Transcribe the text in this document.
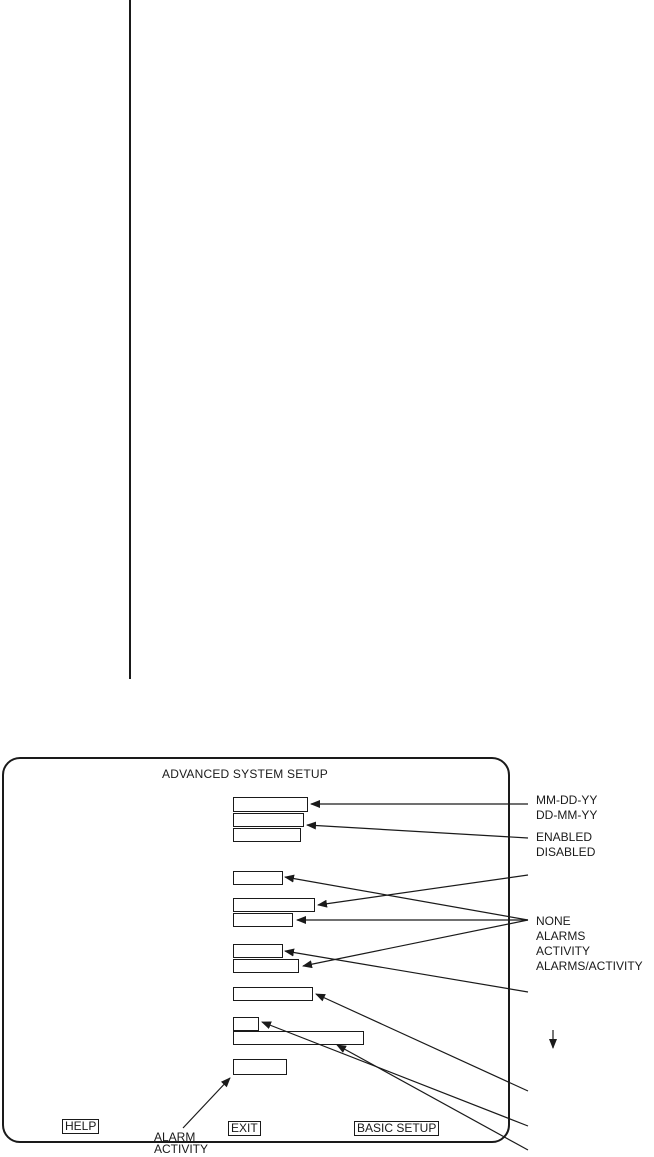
ADVANCED SYSTEM SETUP
HELP	EXIT	BASIC SETUP
MM-DD-YY
DD-MM-YY
ENABLED
DISABLED
NONE
ALARMS
ACTIVITY
ALARMS/ACTIVITY
ALARM
ACTIVITY
